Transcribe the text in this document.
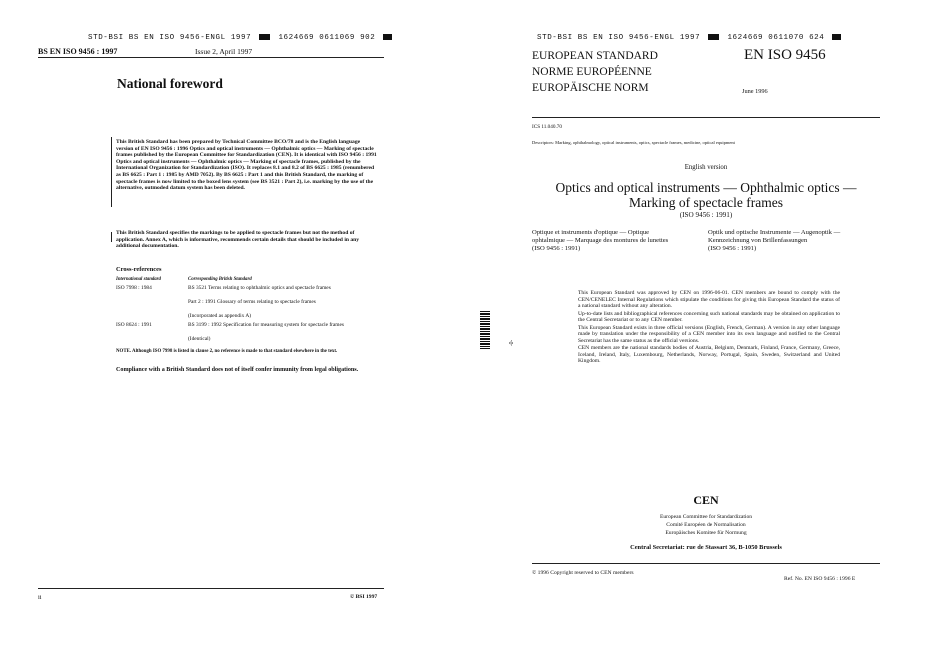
STD-BSI BS EN ISO 9456-ENGL 1997	1624669 0611069 902
BS EN ISO 9456 : 1997	Issue 2, April 1997
National foreword

This British Standard has been prepared by Technical Committee BCO/78 and is the English language version of EN ISO 9456 : 1996 Optics and optical instruments — Ophthalmic optics — Marking of spectacle frames published by the European Committee for Standardization (CEN). It is identical with ISO 9456 : 1991 Optics and optical instruments — Ophthalmic optics — Marking of spectacle frames, published by the International Organization for Standardization (ISO). It replaces 8.1 and 8.2 of BS 6625 : 1985 (renumbered as BS 6625 : Part 1 : 1985 by AMD 7052). By BS 6625 : Part 1 and this British Standard, the marking of spectacle frames is now limited to the boxed lens system (see BS 3521 : Part 2), i.e. marking by the use of the alternative, outmoded datum system has been deleted.

This British Standard specifies the markings to be applied to spectacle frames but not the method of application. Annex A, which is informative, recommends certain details that should be included in any additional documentation.

Cross-references
International standard	Corresponding British Standard
ISO 7998 : 1984	BS 3521 Terms relating to ophthalmic optics and spectacle frames
Part 2 : 1991 Glossary of terms relating to spectacle frames
(Incorporated as appendix A)
ISO 8624 : 1991	BS 3199 : 1992 Specification for measuring system for spectacle frames
(Identical)
NOTE. Although ISO 7998 is listed in clause 2, no reference is made to that standard elsewhere in the text.
Compliance with a British Standard does not of itself confer immunity from legal obligations.
ii	© BSI 1997
-0-
STD-BSI BS EN ISO 9456-ENGL 1997	1624669 0611070 624
EUROPEAN STANDARD
NORME EUROPÉENNE
EUROPÄISCHE NORM
EN ISO 9456
June 1996
ICS 11.040.70
Descriptors: Marking, ophthalmology, optical instruments, optics, spectacle frames, medicine, optical equipment
English version
Optics and optical instruments — Ophthalmic optics —
Marking of spectacle frames
(ISO 9456 : 1991)
Optique et instruments d'optique — Optique ophtalmique — Marquage des montures de lunettes
(ISO 9456 : 1991)
Optik und optische Instrumente — Augenoptik — Kennzeichnung von Brillenfassungen
(ISO 9456 : 1991)

This European Standard was approved by CEN on 1996-06-01. CEN members are bound to comply with the CEN/CENELEC Internal Regulations which stipulate the conditions for giving this European Standard the status of a national standard without any alteration.

Up-to-date lists and bibliographical references concerning such national standards may be obtained on application to the Central Secretariat or to any CEN member.

This European Standard exists in three official versions (English, French, German). A version in any other language made by translation under the responsibility of a CEN member into its own language and notified to the Central Secretariat has the same status as the official versions.

CEN members are the national standards bodies of Austria, Belgium, Denmark, Finland, France, Germany, Greece, Iceland, Ireland, Italy, Luxembourg, Netherlands, Norway, Portugal, Spain, Sweden, Switzerland and United Kingdom.

CEN
European Committee for Standardization
Comité Européen de Normalisation
Europäisches Komitee für Normung
Central Secretariat: rue de Stassart 36, B-1050 Brussels
© 1996 Copyright reserved to CEN members
Ref. No. EN ISO 9456 : 1996 E
